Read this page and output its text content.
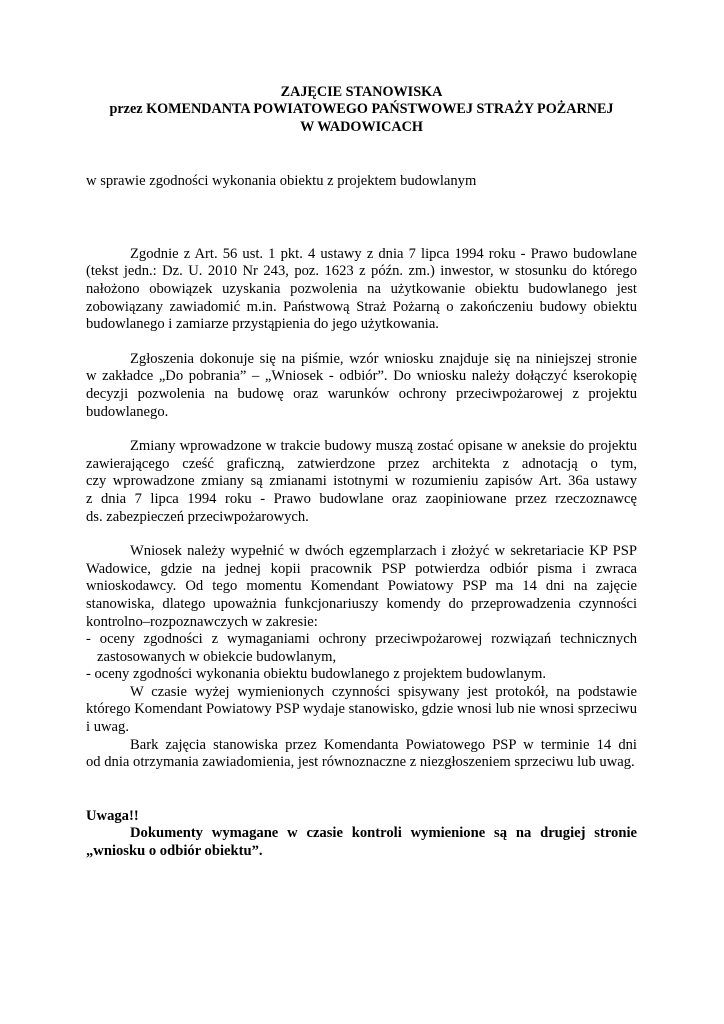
ZAJĘCIE STANOWISKA
przez KOMENDANTA POWIATOWEGO PAŃSTWOWEJ STRAŻY POŻARNEJ
W WADOWICACH
w sprawie zgodności wykonania obiektu z projektem budowlanym
Zgodnie z Art. 56 ust. 1 pkt. 4 ustawy z dnia 7 lipca 1994 roku - Prawo budowlane
(tekst jedn.: Dz. U. 2010 Nr 243, poz. 1623 z późn. zm.) inwestor, w stosunku do którego
nałożono obowiązek uzyskania pozwolenia na użytkowanie obiektu budowlanego jest
zobowiązany zawiadomić m.in. Państwową Straż Pożarną o zakończeniu budowy obiektu
budowlanego i zamiarze przystąpienia do jego użytkowania.
Zgłoszenia dokonuje się na piśmie, wzór wniosku znajduje się na niniejszej stronie
w zakładce „Do pobrania” – „Wniosek - odbiór”. Do wniosku należy dołączyć kserokopię
decyzji pozwolenia na budowę oraz warunków ochrony przeciwpożarowej z projektu
budowlanego.
Zmiany wprowadzone w trakcie budowy muszą zostać opisane w aneksie do projektu
zawierającego cześć graficzną, zatwierdzone przez architekta z adnotacją o tym,
czy wprowadzone zmiany są zmianami istotnymi w rozumieniu zapisów Art. 36a ustawy
z dnia 7 lipca 1994 roku - Prawo budowlane oraz zaopiniowane przez rzeczoznawcę
ds. zabezpieczeń przeciwpożarowych.
Wniosek należy wypełnić w dwóch egzemplarzach i złożyć w sekretariacie KP PSP
Wadowice, gdzie na jednej kopii pracownik PSP potwierdza odbiór pisma i zwraca
wnioskodawcy. Od tego momentu Komendant Powiatowy PSP ma 14 dni na zajęcie
stanowiska, dlatego upoważnia funkcjonariuszy komendy do przeprowadzenia czynności
kontrolno–rozpoznawczych w zakresie:
- oceny zgodności z wymaganiami ochrony przeciwpożarowej rozwiązań technicznych
zastosowanych w obiekcie budowlanym,
- oceny zgodności wykonania obiektu budowlanego z projektem budowlanym.
W czasie wyżej wymienionych czynności spisywany jest protokół, na podstawie
którego Komendant Powiatowy PSP wydaje stanowisko, gdzie wnosi lub nie wnosi sprzeciwu
i uwag.
Bark zajęcia stanowiska przez Komendanta Powiatowego PSP w terminie 14 dni
od dnia otrzymania zawiadomienia, jest równoznaczne z niezgłoszeniem sprzeciwu lub uwag.
Uwaga!!
Dokumenty wymagane w czasie kontroli wymienione są na drugiej stronie
„wniosku o odbiór obiektu”.
